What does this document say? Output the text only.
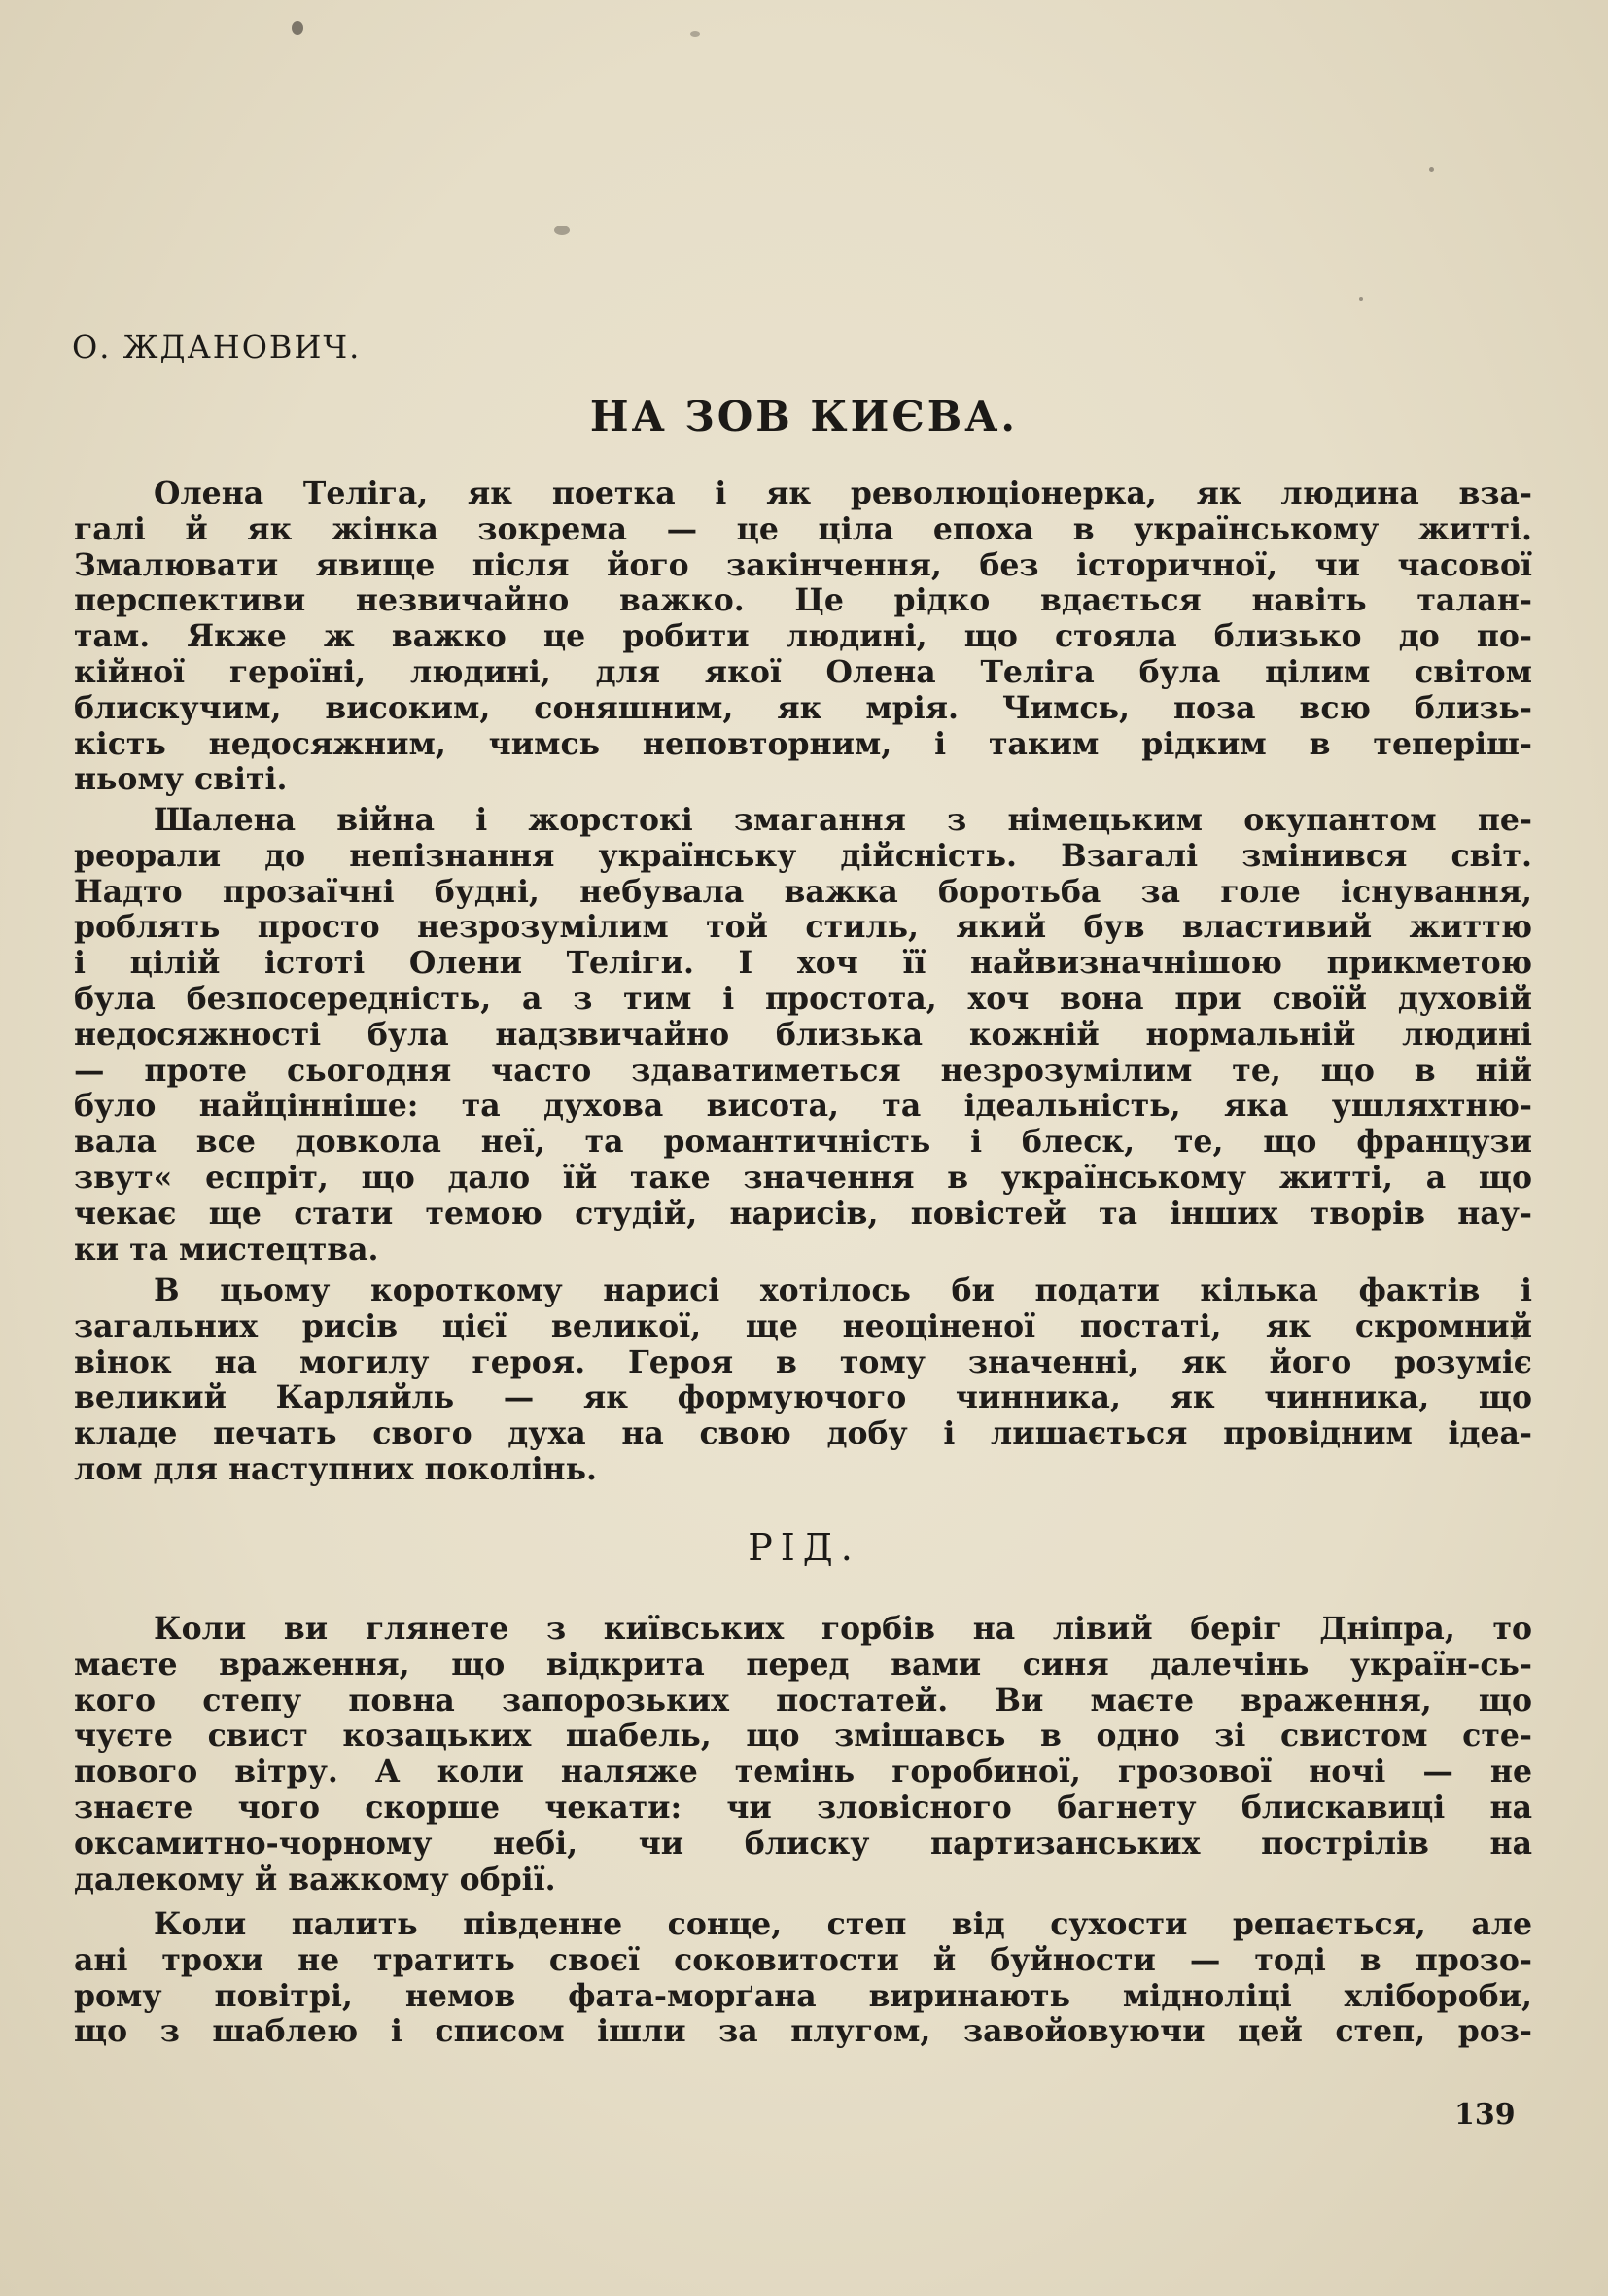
О. ЖДАНОВИЧ.
НА ЗОВ КИЄВА.
Олена Теліга, як поетка і як революціонерка, як людина вза-
галі й як жінка зокрема — це ціла епоха в українському житті.
Змалювати явище після його закінчення, без історичної, чи часової
перспективи незвичайно важко. Це рідко вдається навіть талан-
там. Якже ж важко це робити людині, що стояла близько до по-
кійної героїні, людині, для якої Олена Теліга була цілим світом
блискучим, високим, соняшним, як мрія. Чимсь, поза всю близь-
кість недосяжним, чимсь неповторним, і таким рідким в теперіш-
ньому світі.
Шалена війна і жорстокі змагання з німецьким окупантом пе-
реорали до непізнання українську дійсність. Взагалі змінився світ.
Надто прозаїчні будні, небувала важка боротьба за голе існування,
роблять просто незрозумілим той стиль, який був властивий життю
і цілій істоті Олени Теліги. І хоч її найвизначнішою прикметою
була безпосередність, а з тим і простота, хоч вона при своїй духовій
недосяжності була надзвичайно близька кожній нормальній людині
— проте сьогодня часто здаватиметься незрозумілим те, що в ній
було найцінніше: та духова висота, та ідеальність, яка ушляхтню-
вала все довкола неї, та романтичність і блеск, те, що французи
звут« еспріт, що дало їй таке значення в українському житті, а що
чекає ще стати темою студій, нарисів, повістей та інших творів нау-
ки та мистецтва.
В цьому короткому нарисі хотілось би подати кілька фактів і
загальних рисів цієї великої, ще неоціненої постаті, як скромний
вінок на могилу героя. Героя в тому значенні, як його розуміє
великий Карляйль — як формуючого чинника, як чинника, що
кладе печать свого духа на свою добу і лишається провідним ідеа-
лом для наступних поколінь.
РІД.
Коли ви глянете з київських горбів на лівий беріг Дніпра, то
маєте враження, що відкрита перед вами синя далечінь україн-сь-
кого степу повна запорозьких постатей. Ви маєте враження, що
чуєте свист козацьких шабель, що змішавсь в одно зі свистом сте-
пового вітру. А коли наляже темінь горобиної, грозової ночі — не
знаєте чого скорше чекати: чи зловісного багнету блискавиці на
оксамитно-чорному небі, чи блиску партизанських пострілів на
далекому й важкому обрії.
Коли палить південне сонце, степ від сухости репається, але
ані трохи не тратить своєї соковитости й буйности — тоді в прозо-
рому повітрі, немов фата-морґана виринають мідноліці хлібороби,
що з шаблею і списом ішли за плугом, завойовуючи цей степ, роз-
139
